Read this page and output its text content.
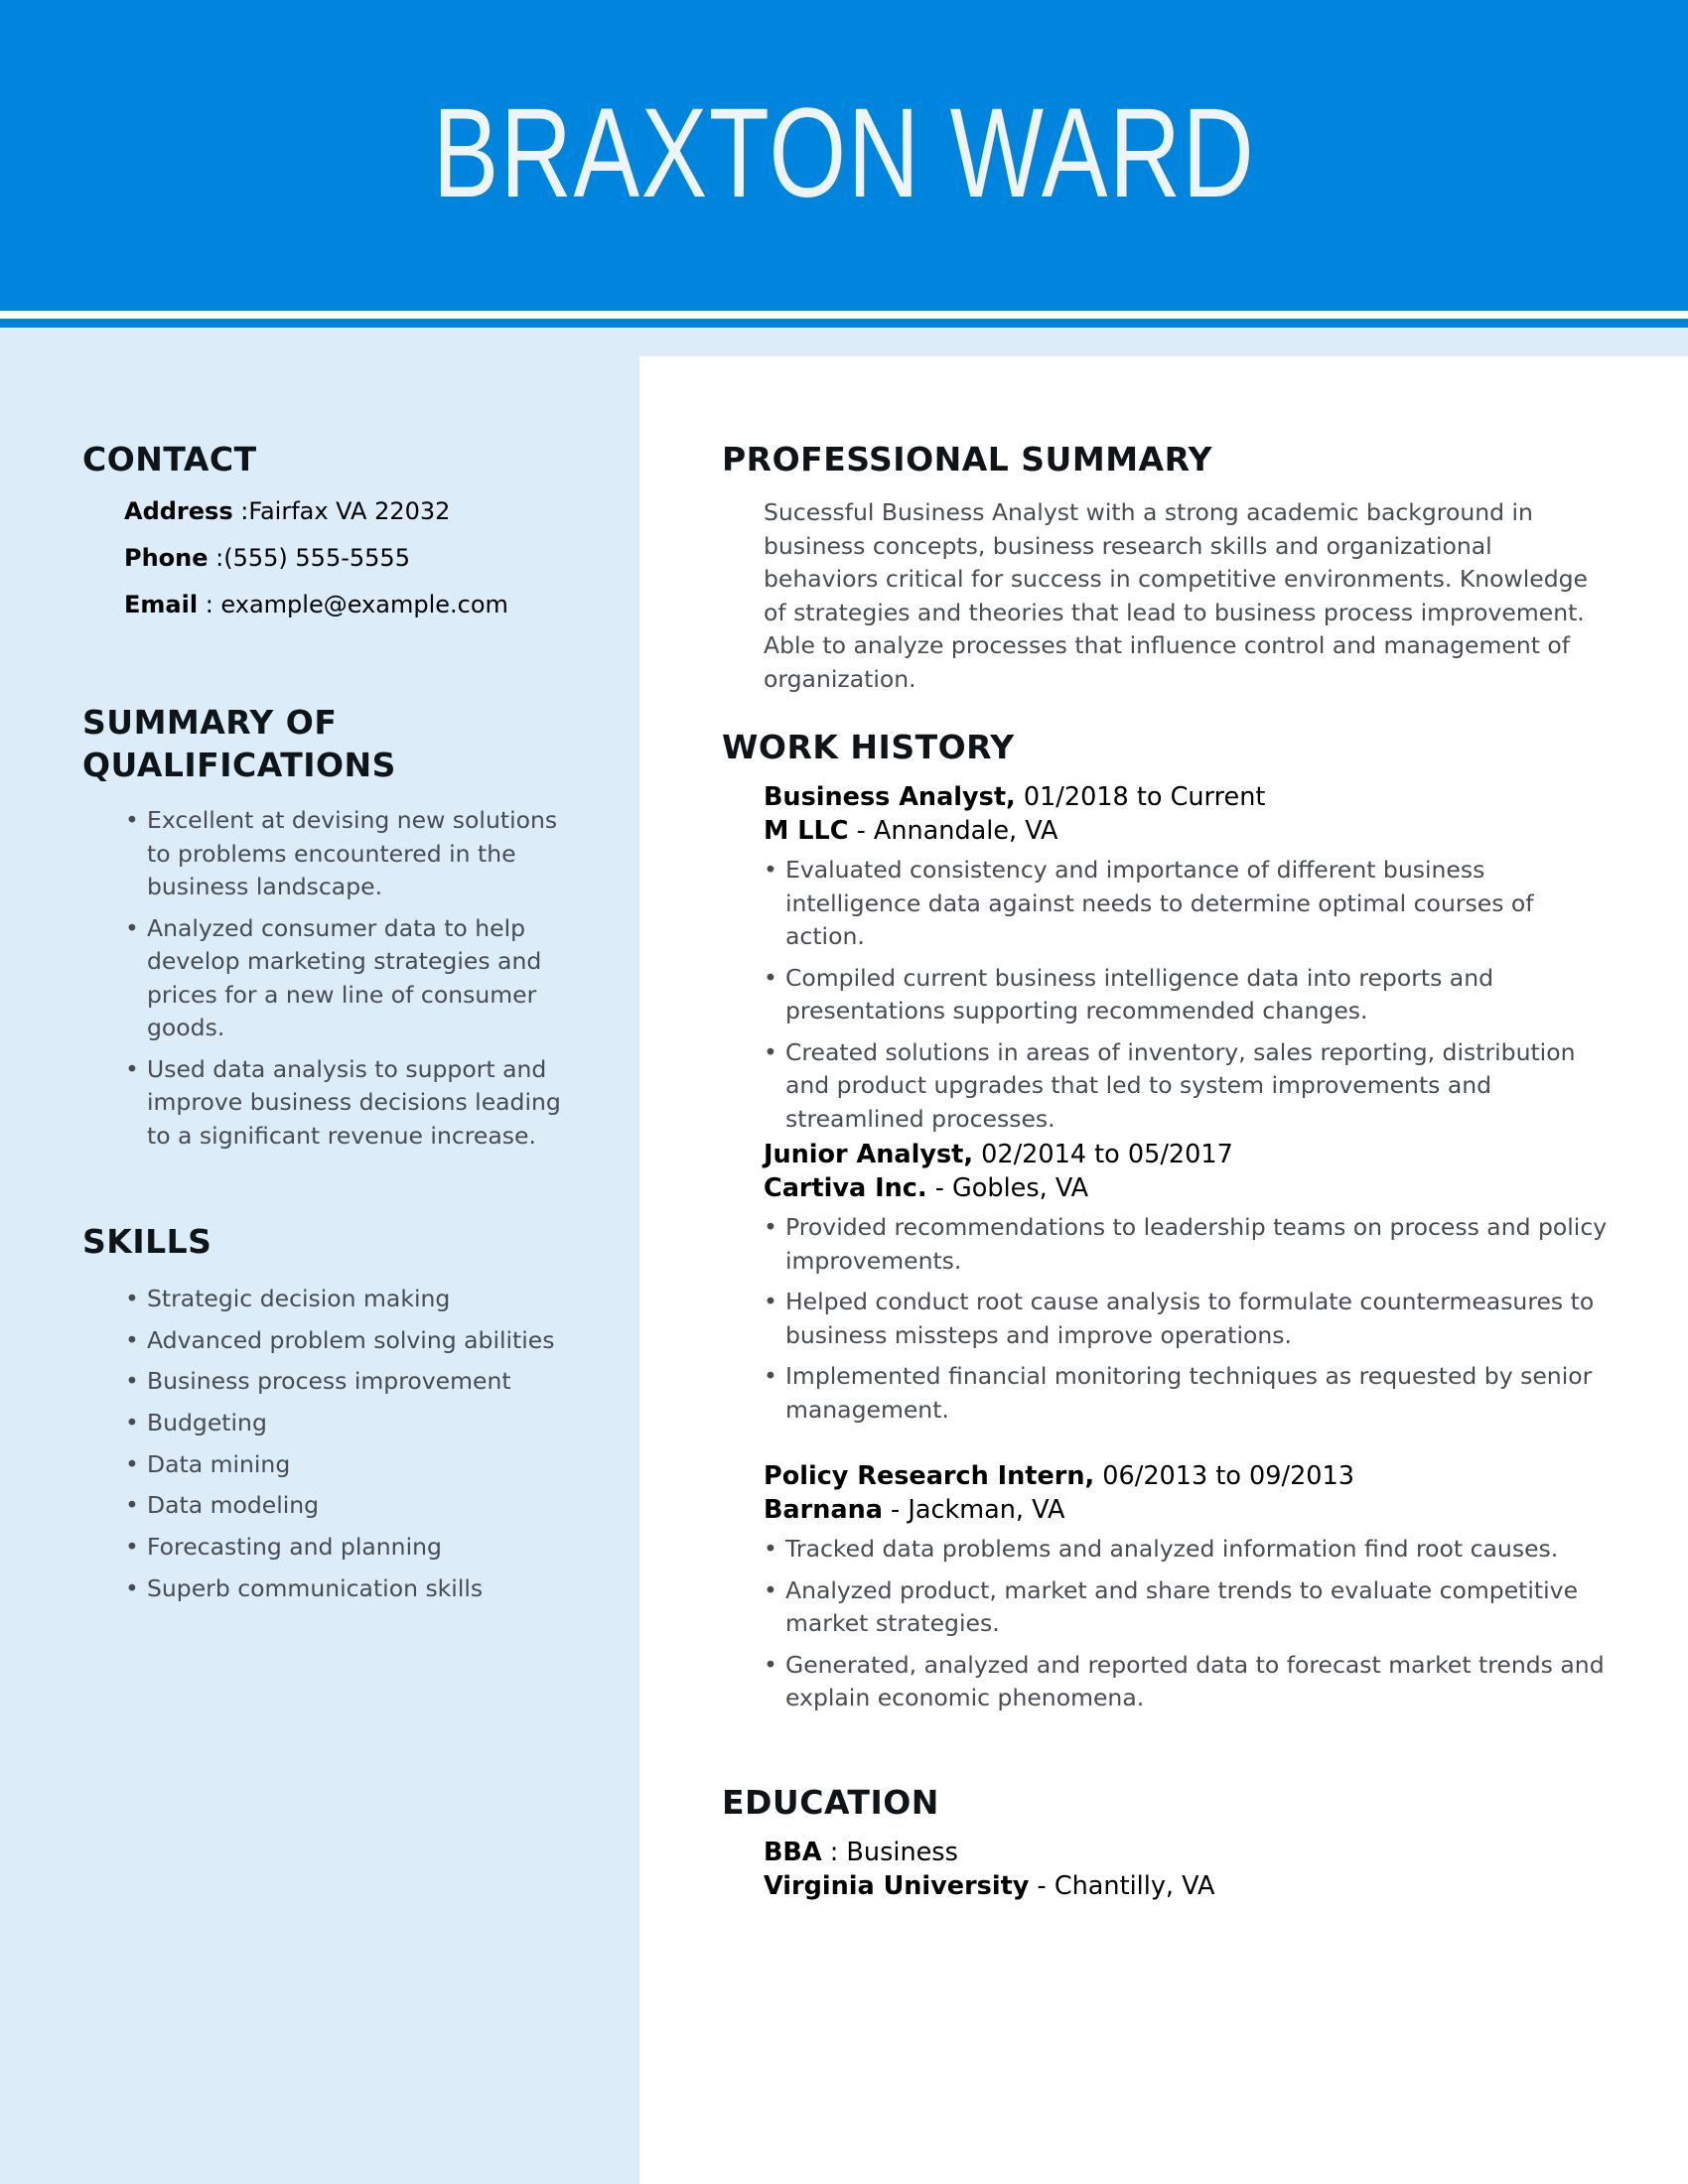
BRAXTON WARD
CONTACT
Address :Fairfax VA 22032
Phone :(555) 555-5555
Email : example@example.com
SUMMARY OF
QUALIFICATIONS
• Excellent at devising new solutions to problems encountered in the business landscape.
• Analyzed consumer data to help develop marketing strategies and prices for a new line of consumer goods.
• Used data analysis to support and improve business decisions leading to a significant revenue increase.
SKILLS
• Strategic decision making
• Advanced problem solving abilities
• Business process improvement
• Budgeting
• Data mining
• Data modeling
• Forecasting and planning
• Superb communication skills
PROFESSIONAL SUMMARY
Sucessful Business Analyst with a strong academic background in business concepts, business research skills and organizational behaviors critical for success in competitive environments. Knowledge of strategies and theories that lead to business process improvement. Able to analyze processes that influence control and management of organization.
WORK HISTORY
Business Analyst, 01/2018 to Current
M LLC - Annandale, VA
• Evaluated consistency and importance of different business intelligence data against needs to determine optimal courses of action.
• Compiled current business intelligence data into reports and presentations supporting recommended changes.
• Created solutions in areas of inventory, sales reporting, distribution and product upgrades that led to system improvements and streamlined processes.
Junior Analyst, 02/2014 to 05/2017
Cartiva Inc. - Gobles, VA
• Provided recommendations to leadership teams on process and policy improvements.
• Helped conduct root cause analysis to formulate countermeasures to business missteps and improve operations.
• Implemented financial monitoring techniques as requested by senior management.
Policy Research Intern, 06/2013 to 09/2013
Barnana - Jackman, VA
• Tracked data problems and analyzed information find root causes.
• Analyzed product, market and share trends to evaluate competitive market strategies.
• Generated, analyzed and reported data to forecast market trends and explain economic phenomena.
EDUCATION
BBA : Business
Virginia University - Chantilly, VA
